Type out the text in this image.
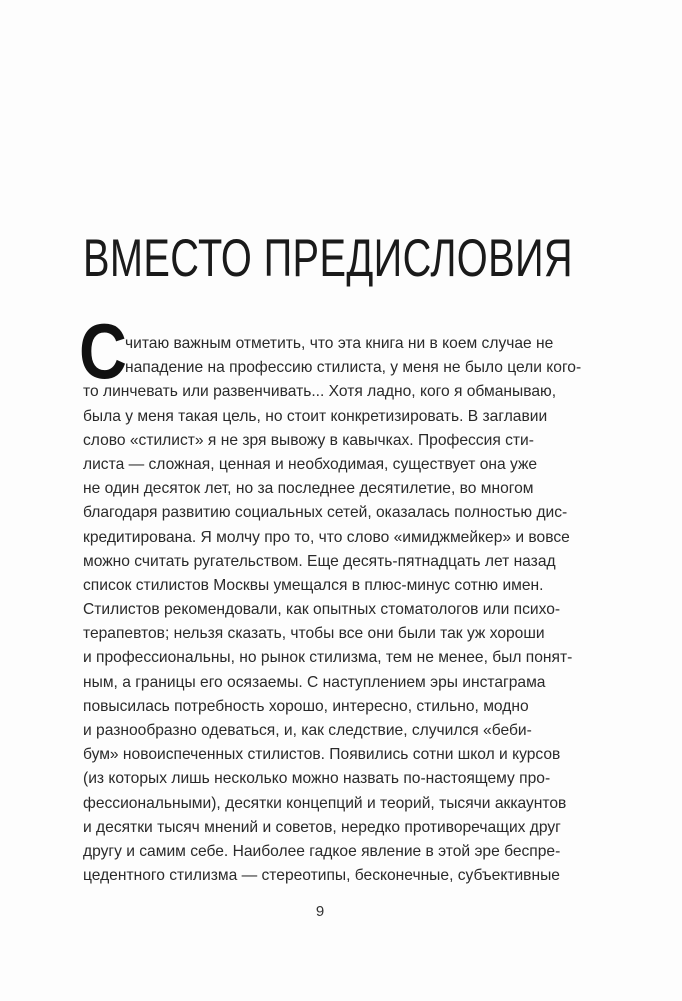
ВМЕСТО ПРЕДИСЛОВИЯ
С
читаю важным отметить, что эта книга ни в коем случае не
нападение на профессию стилиста, у меня не было цели кого-
то линчевать или развенчивать... Хотя ладно, кого я обманываю,
была у меня такая цель, но стоит конкретизировать. В заглавии
слово «стилист» я не зря вывожу в кавычках. Профессия сти-
листа — сложная, ценная и необходимая, существует она уже
не один десяток лет, но за последнее десятилетие, во многом
благодаря развитию социальных сетей, оказалась полностью дис-
кредитирована. Я молчу про то, что слово «имиджмейкер» и вовсе
можно считать ругательством. Еще десять-пятнадцать лет назад
список стилистов Москвы умещался в плюс-минус сотню имен.
Стилистов рекомендовали, как опытных стоматологов или психо-
терапевтов; нельзя сказать, чтобы все они были так уж хороши
и профессиональны, но рынок стилизма, тем не менее, был понят-
ным, а границы его осязаемы. С наступлением эры инстаграма
повысилась потребность хорошо, интересно, стильно, модно
и разнообразно одеваться, и, как следствие, случился «беби-
бум» новоиспеченных стилистов. Появились сотни школ и курсов
(из которых лишь несколько можно назвать по-настоящему про-
фессиональными), десятки концепций и теорий, тысячи аккаунтов
и десятки тысяч мнений и советов, нередко противоречащих друг
другу и самим себе. Наиболее гадкое явление в этой эре беспре-
цедентного стилизма — стереотипы, бесконечные, субъективные
9
